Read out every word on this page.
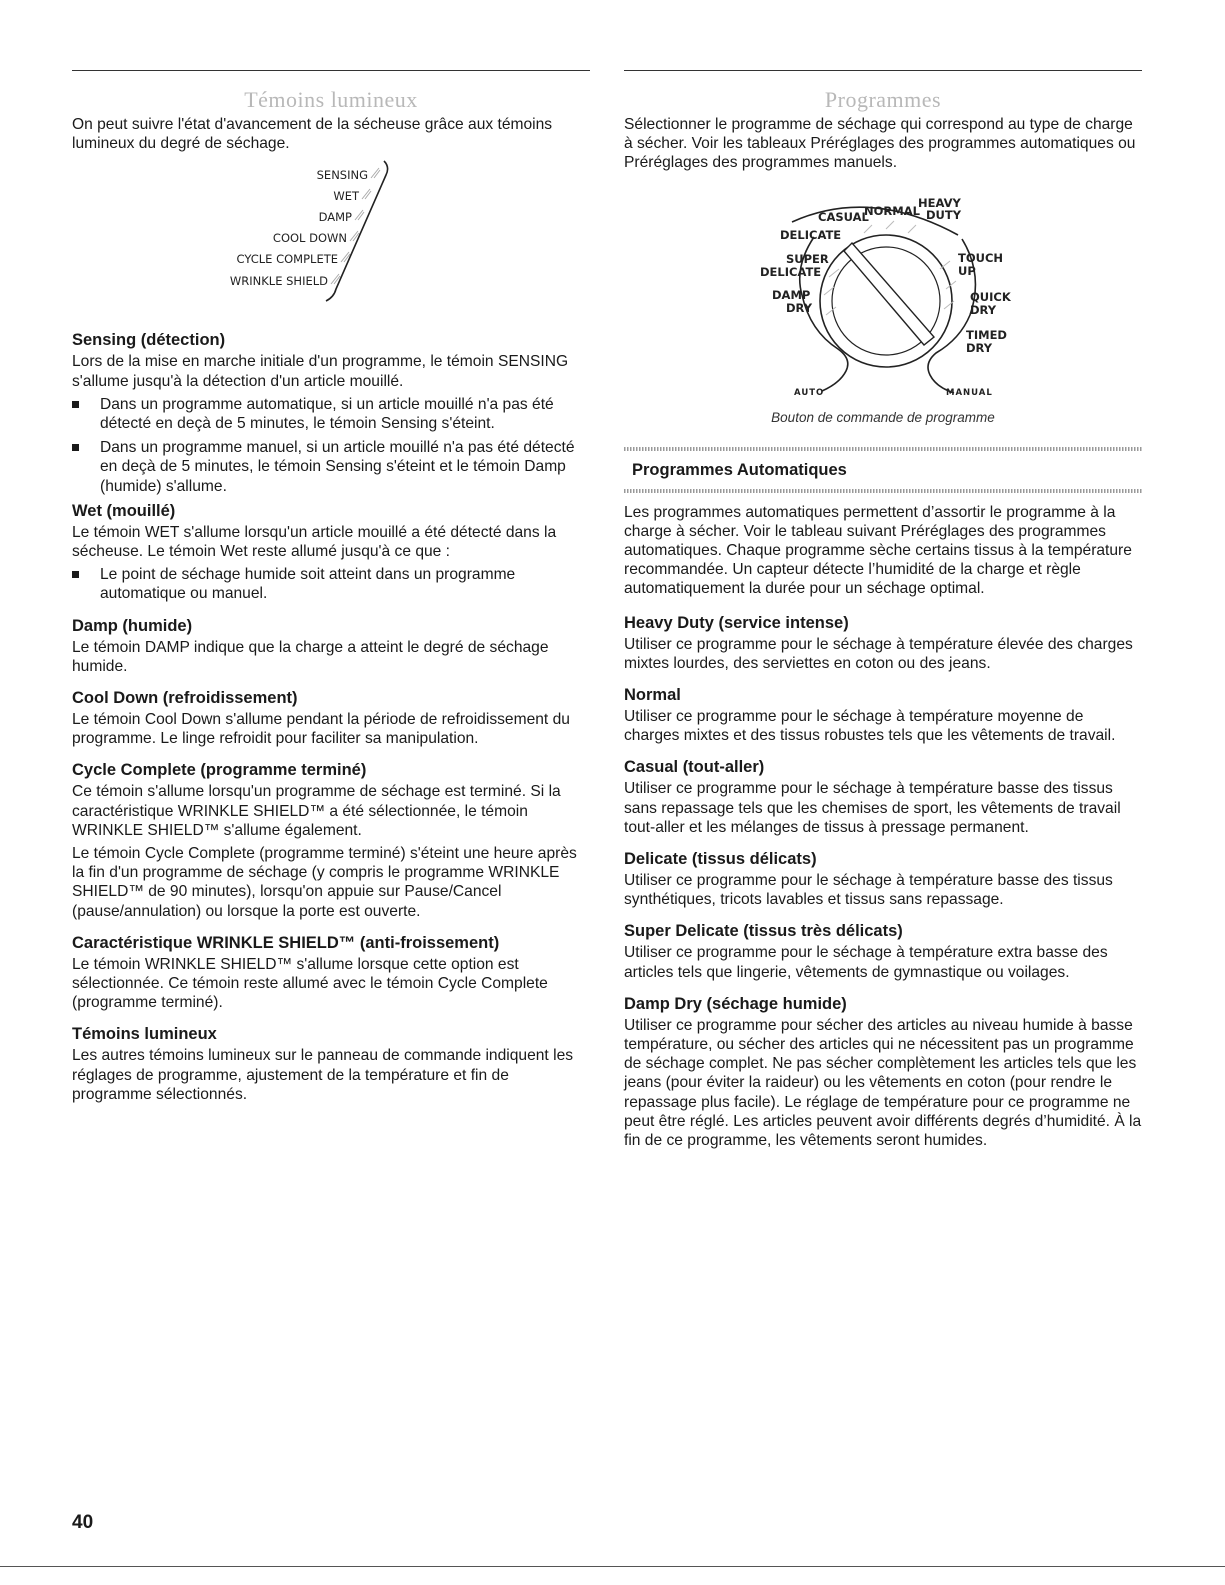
Témoins lumineux

On peut suivre l'état d'avancement de la sécheuse grâce aux témoins lumineux du degré de séchage.

SENSING
WET
DAMP
COOL DOWN
CYCLE COMPLETE
WRINKLE SHIELD
Sensing (détection)

Lors de la mise en marche initiale d'un programme, le témoin SENSING s'allume jusqu'à la détection d'un article mouillé.

Dans un programme automatique, si un article mouillé n'a pas été détecté en deçà de 5 minutes, le témoin Sensing s'éteint.
Dans un programme manuel, si un article mouillé n'a pas été détecté en deçà de 5 minutes, le témoin Sensing s'éteint et le témoin Damp (humide) s'allume.
Wet (mouillé)

Le témoin WET s'allume lorsqu'un article mouillé a été détecté dans la sécheuse. Le témoin Wet reste allumé jusqu'à ce que :

Le point de séchage humide soit atteint dans un programme automatique ou manuel.
Damp (humide)

Le témoin DAMP indique que la charge a atteint le degré de séchage humide.

Cool Down (refroidissement)

Le témoin Cool Down s'allume pendant la période de refroidissement du programme. Le linge refroidit pour faciliter sa manipulation.

Cycle Complete (programme terminé)

Ce témoin s'allume lorsqu'un programme de séchage est terminé. Si la caractéristique WRINKLE SHIELD™ a été sélectionnée, le témoin WRINKLE SHIELD™ s'allume également.

Le témoin Cycle Complete (programme terminé) s'éteint une heure après la fin d'un programme de séchage (y compris le programme WRINKLE SHIELD™ de 90 minutes), lorsqu'on appuie sur Pause/Cancel (pause/annulation) ou lorsque la porte est ouverte.

Caractéristique WRINKLE SHIELD™ (anti-froissement)

Le témoin WRINKLE SHIELD™ s'allume lorsque cette option est sélectionnée. Ce témoin reste allumé avec le témoin Cycle Complete (programme terminé).

Témoins lumineux

Les autres témoins lumineux sur le panneau de commande indiquent les réglages de programme, ajustement de la température et fin de programme sélectionnés.

Programmes

Sélectionner le programme de séchage qui correspond au type de charge à sécher. Voir les tableaux Préréglages des programmes automatiques ou Préréglages des programmes manuels.

CASUAL
NORMAL
HEAVY
DUTY
DELICATE
SUPER
DELICATE
DAMP
DRY
TOUCH
UP
QUICK
DRY
TIMED
DRY
AUTO	MANUAL
Bouton de commande de programme
Programmes Automatiques

Les programmes automatiques permettent d’assortir le programme à la charge à sécher. Voir le tableau suivant Préréglages des programmes automatiques. Chaque programme sèche certains tissus à la température recommandée. Un capteur détecte l’humidité de la charge et règle automatiquement la durée pour un séchage optimal.

Heavy Duty (service intense)

Utiliser ce programme pour le séchage à température élevée des charges mixtes lourdes, des serviettes en coton ou des jeans.

Normal

Utiliser ce programme pour le séchage à température moyenne de charges mixtes et des tissus robustes tels que les vêtements de travail.

Casual (tout-aller)

Utiliser ce programme pour le séchage à température basse des tissus sans repassage tels que les chemises de sport, les vêtements de travail tout-aller et les mélanges de tissus à pressage permanent.

Delicate (tissus délicats)

Utiliser ce programme pour le séchage à température basse des tissus synthétiques, tricots lavables et tissus sans repassage.

Super Delicate (tissus très délicats)

Utiliser ce programme pour le séchage à température extra basse des articles tels que lingerie, vêtements de gymnastique ou voilages.

Damp Dry (séchage humide)

Utiliser ce programme pour sécher des articles au niveau humide à basse température, ou sécher des articles qui ne nécessitent pas un programme de séchage complet. Ne pas sécher complètement les articles tels que les jeans (pour éviter la raideur) ou les vêtements en coton (pour rendre le repassage plus facile). Le réglage de température pour ce programme ne peut être réglé. Les articles peuvent avoir différents degrés d’humidité. À la fin de ce programme, les vêtements seront humides.

40
